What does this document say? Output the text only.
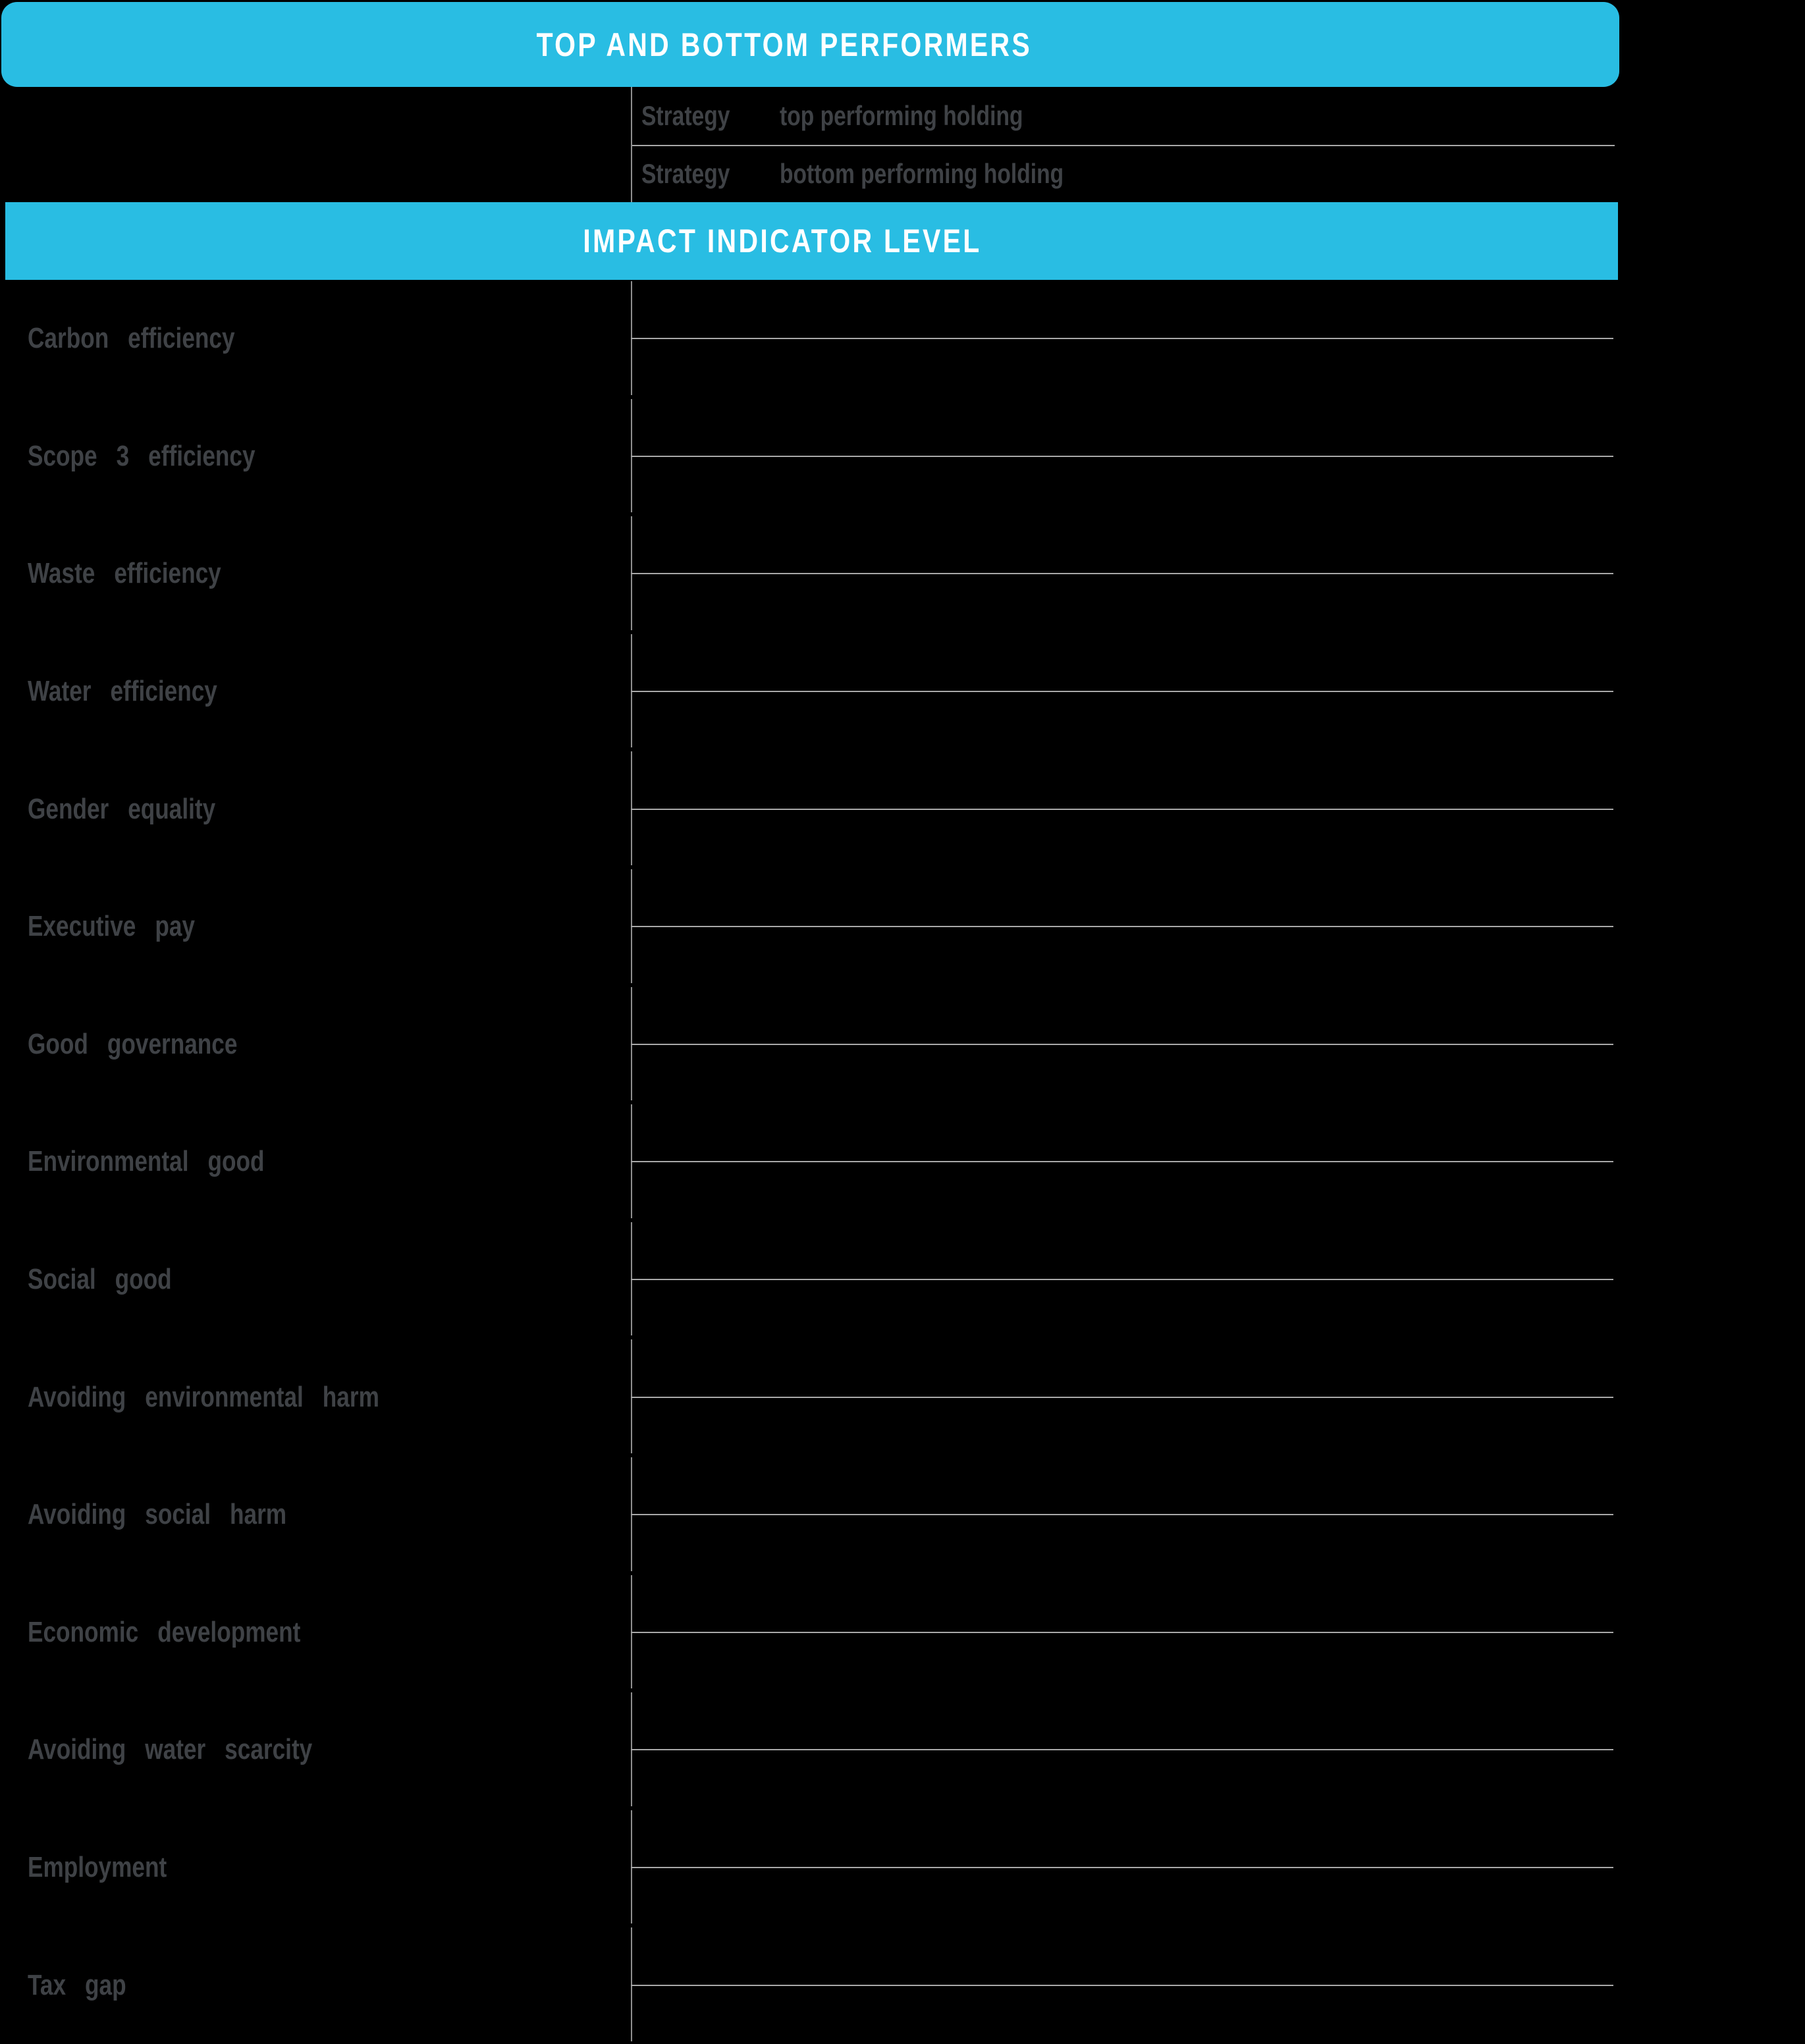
TOP AND BOTTOM PERFORMERS
Strategy top performing holding
Strategy bottom performing holding
IMPACT INDICATOR LEVEL
Carbon efficiency
Scope 3 efficiency
Waste efficiency
Water efficiency
Gender equality
Executive pay
Good governance
Environmental good
Social good
Avoiding environmental harm
Avoiding social harm
Economic development
Avoiding water scarcity
Employment
Tax gap
